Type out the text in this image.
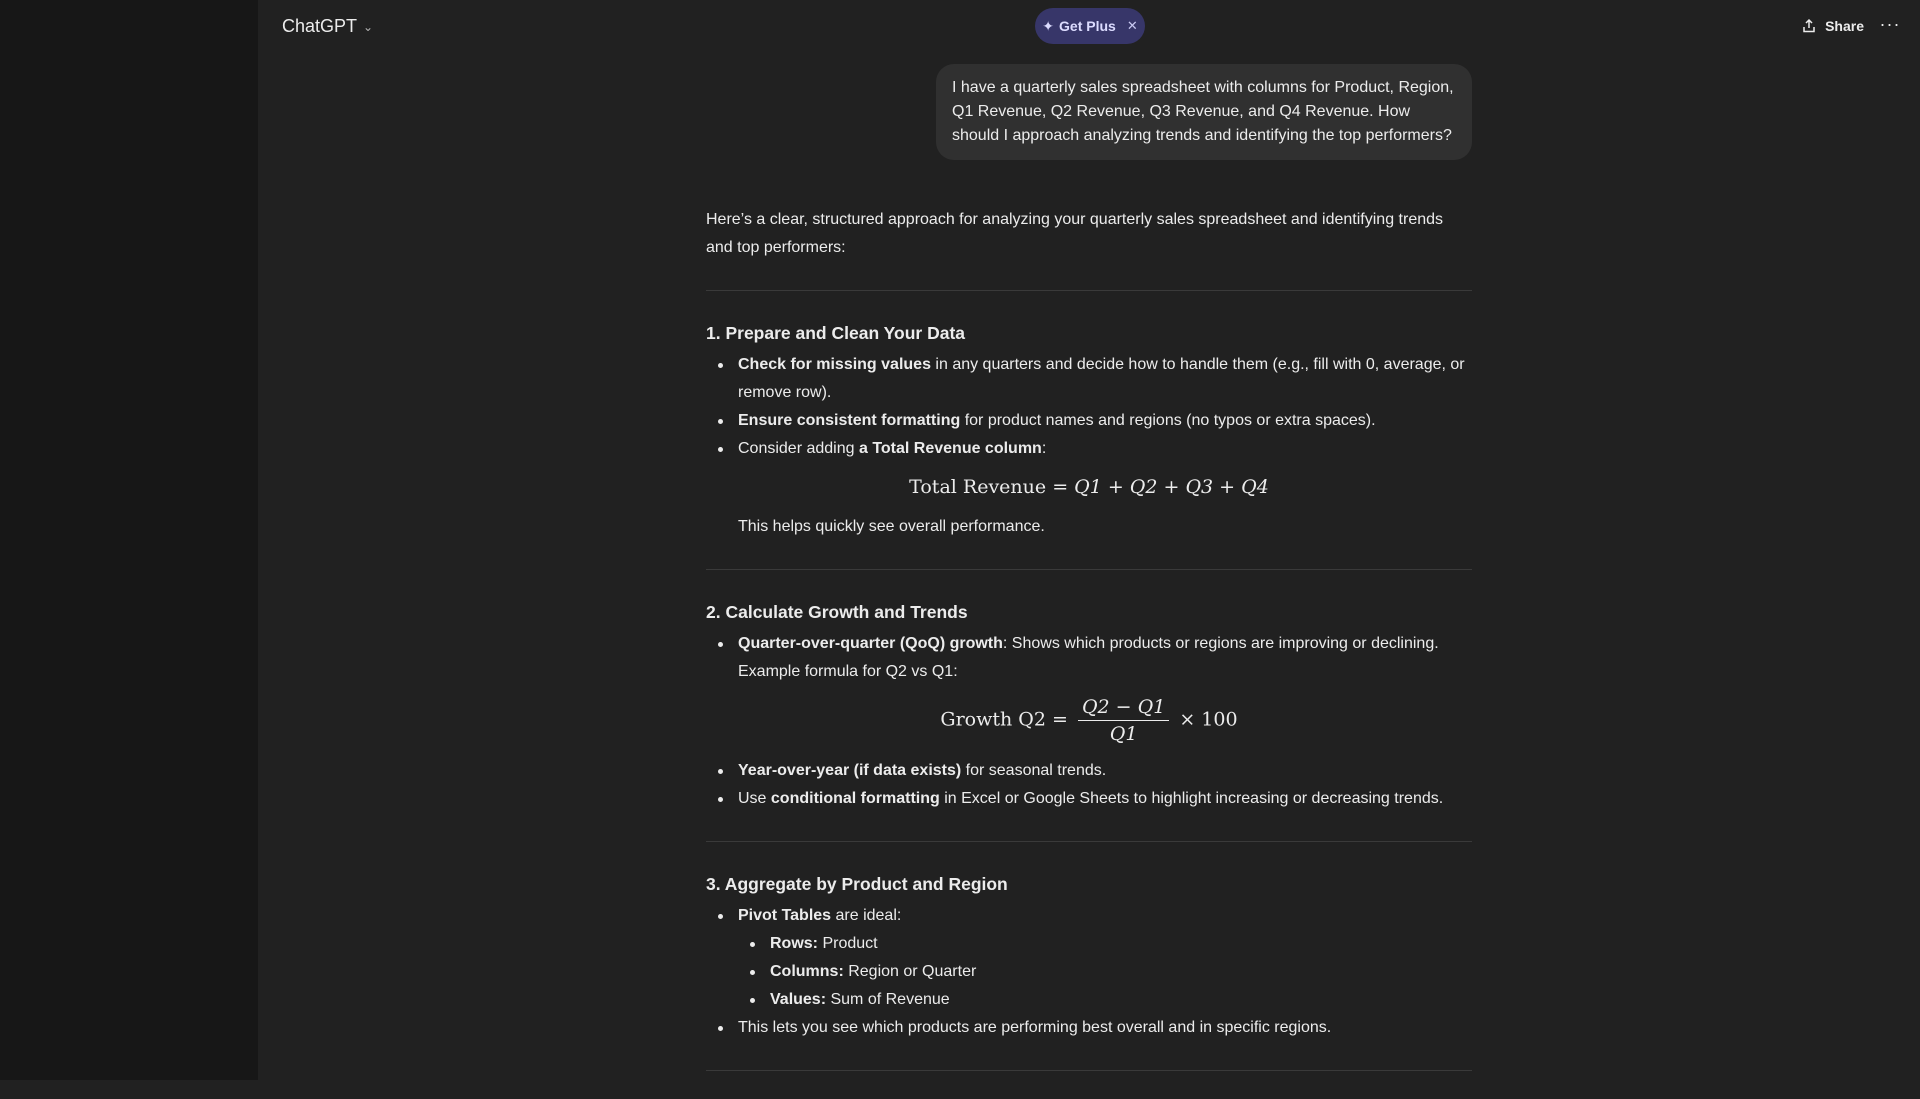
ChatGPT ⌄	✦ Get Plus ✕	Share ···
I have a quarterly sales spreadsheet with columns for Product, Region, Q1 Revenue, Q2 Revenue, Q3 Revenue, and Q4 Revenue. How should I approach analyzing trends and identifying the top performers?

Here’s a clear, structured approach for analyzing your quarterly sales spreadsheet and identifying trends and top performers:

1. Prepare and Clean Your Data
Check for missing values in any quarters and decide how to handle them (e.g., fill with 0, average, or remove row).
Ensure consistent formatting for product names and regions (no typos or extra spaces).
Consider adding a Total Revenue column:
Total Revenue = Q1 + Q2 + Q3 + Q4

This helps quickly see overall performance.

2. Calculate Growth and Trends
Quarter-over-quarter (QoQ) growth: Shows which products or regions are improving or declining. Example formula for Q2 vs Q1:
Growth $Q2 = \frac{Q2 - Q1}{Q1} \times 100$
Year-over-year (if data exists) for seasonal trends.
Use conditional formatting in Excel or Google Sheets to highlight increasing or decreasing trends.
3. Aggregate by Product and Region
Pivot Tables are ideal:
Rows: Product
Columns: Region or Quarter
Values: Sum of Revenue
This lets you see which products are performing best overall and in specific regions.
